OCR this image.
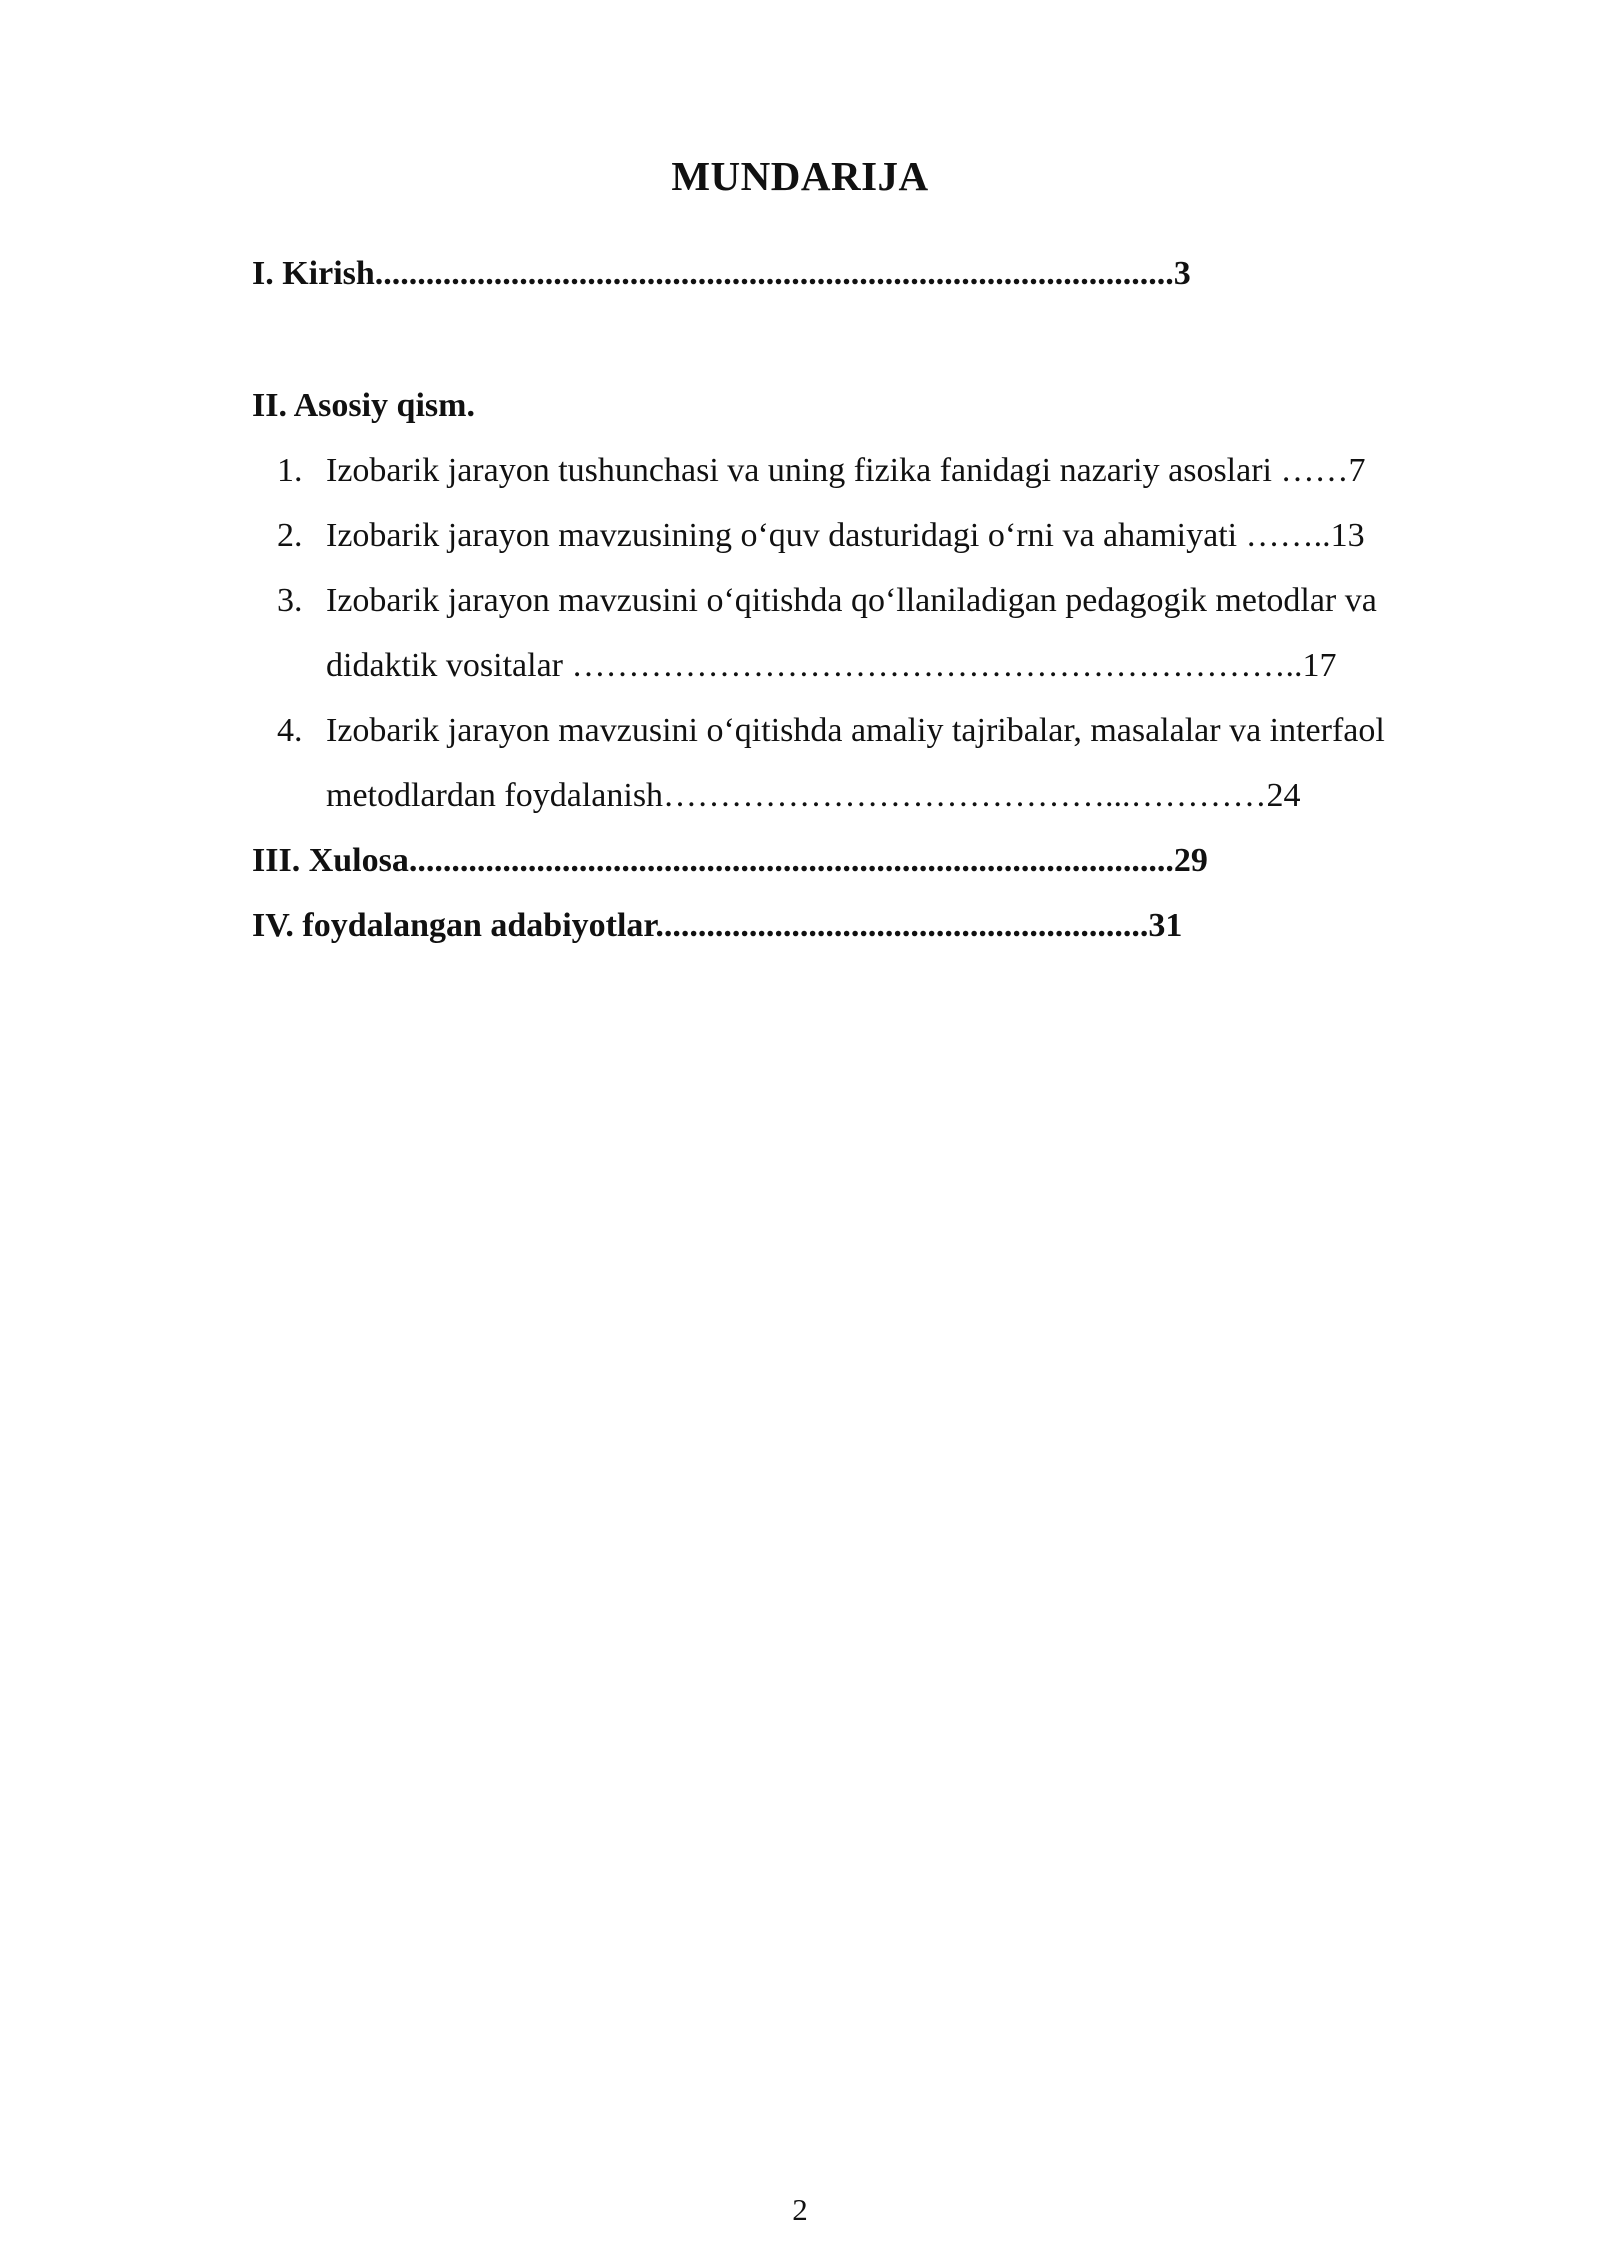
MUNDARIJA
I. Kirish..............................................................................................3
II. Asosiy qism.
1. Izobarik jarayon tushunchasi va uning fizika fanidagi nazariy asoslari ……7
2. Izobarik jarayon mavzusining o‘quv dasturidagi o‘rni va ahamiyati ……..13
3. Izobarik jarayon mavzusini o‘qitishda qo‘llaniladigan pedagogik metodlar va
didaktik vositalar ………………………………………………………..17
4. Izobarik jarayon mavzusini o‘qitishda amaliy tajribalar, masalalar va interfaol
metodlardan foydalanish…………………………………...…………24
III. Xulosa..........................................................................................29
IV. foydalangan adabiyotlar..........................................................31
2
